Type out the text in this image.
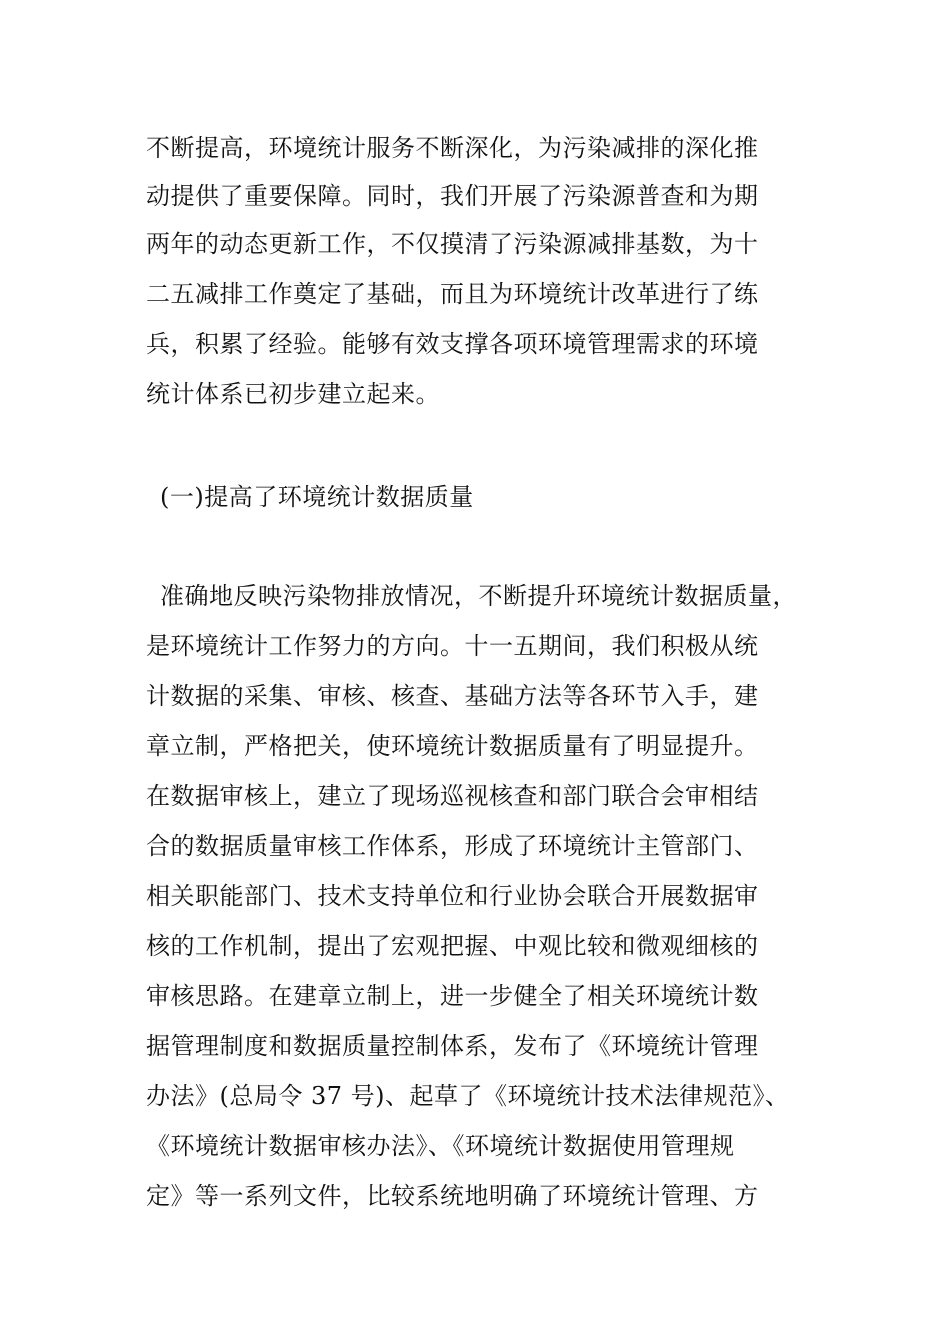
不断提高，环境统计服务不断深化，为污染减排的深化推
动提供了重要保障。同时，我们开展了污染源普查和为期
两年的动态更新工作，不仅摸清了污染源减排基数，为十
二五减排工作奠定了基础，而且为环境统计改革进行了练
兵，积累了经验。能够有效支撑各项环境管理需求的环境
统计体系已初步建立起来。
(一)提高了环境统计数据质量
准确地反映污染物排放情况，不断提升环境统计数据质量，
是环境统计工作努力的方向。十一五期间，我们积极从统
计数据的采集、审核、核查、基础方法等各环节入手，建
章立制，严格把关，使环境统计数据质量有了明显提升。
在数据审核上，建立了现场巡视核查和部门联合会审相结
合的数据质量审核工作体系，形成了环境统计主管部门、
相关职能部门、技术支持单位和行业协会联合开展数据审
核的工作机制，提出了宏观把握、中观比较和微观细核的
审核思路。在建章立制上，进一步健全了相关环境统计数
据管理制度和数据质量控制体系，发布了《环境统计管理
办法》(总局令 37 号)、起草了《环境统计技术法律规范》、
《环境统计数据审核办法》、《环境统计数据使用管理规
定》等一系列文件，比较系统地明确了环境统计管理、方
